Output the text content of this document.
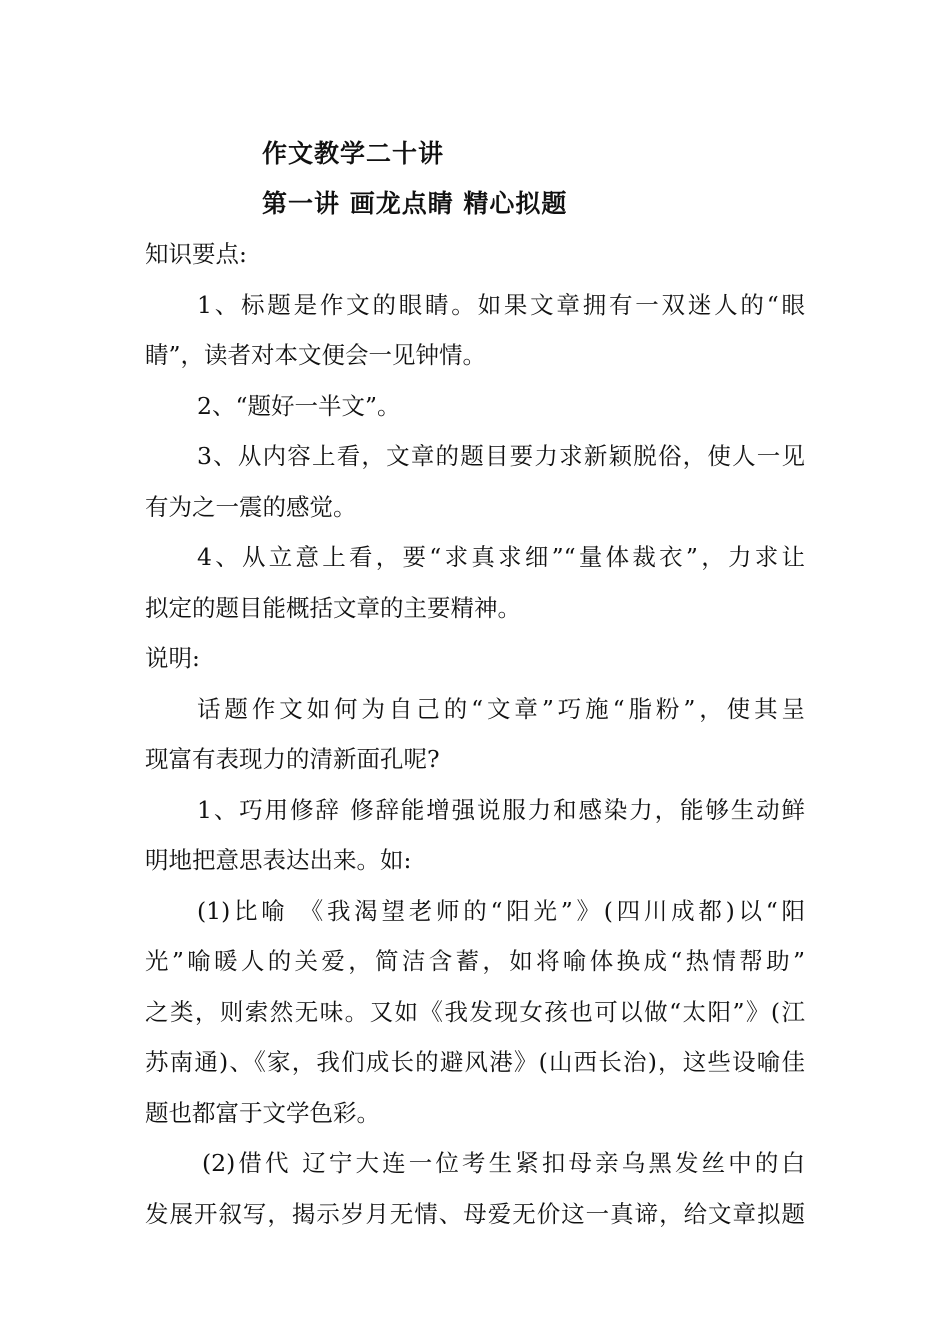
作文教学二十讲
第一讲 画龙点睛 精心拟题
知识要点:
1、标题是作文的眼睛。如果文章拥有一双迷人的“眼
睛”，读者对本文便会一见钟情。
2、“题好一半文”。
3、从内容上看，文章的题目要力求新颖脱俗，使人一见
有为之一震的感觉。
4、从立意上看，要“求真求细”“量体裁衣”，力求让
拟定的题目能概括文章的主要精神。
说明:
话题作文如何为自己的“文章”巧施“脂粉”，使其呈
现富有表现力的清新面孔呢?
1、巧用修辞 修辞能增强说服力和感染力，能够生动鲜
明地把意思表达出来。如:
(1)比喻 《我渴望老师的“阳光”》(四川成都)以“阳
光”喻暖人的关爱，简洁含蓄，如将喻体换成“热情帮助”
之类，则索然无味。又如《我发现女孩也可以做“太阳”》(江
苏南通)、《家，我们成长的避风港》(山西长治)，这些设喻佳
题也都富于文学色彩。
(2)借代 辽宁大连一位考生紧扣母亲乌黑发丝中的白
发展开叙写，揭示岁月无情、母爱无价这一真谛，给文章拟题
